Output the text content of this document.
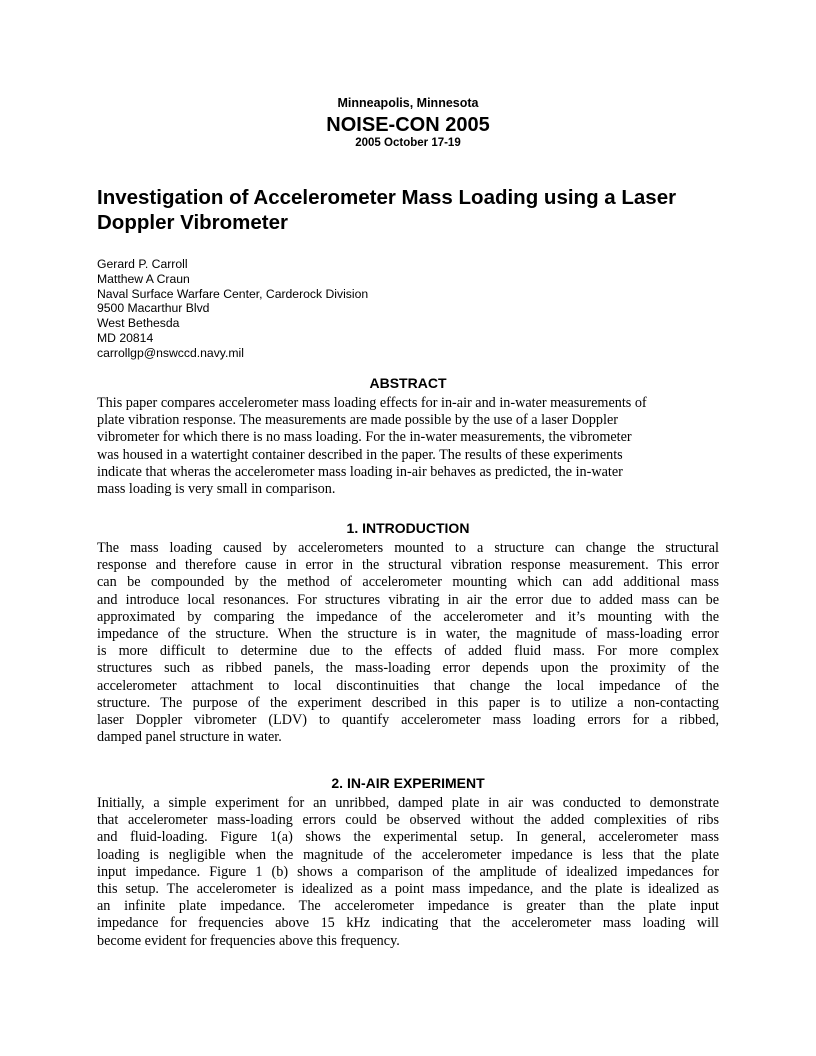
Minneapolis, Minnesota
NOISE-CON 2005
2005 October 17-19
Investigation of Accelerometer Mass Loading using a Laser
Doppler Vibrometer
Gerard P. Carroll
Matthew A Craun
Naval Surface Warfare Center, Carderock Division
9500 Macarthur Blvd
West Bethesda
MD 20814
carrollgp@nswccd.navy.mil
ABSTRACT
This paper compares accelerometer mass loading effects for in-air and in-water measurements of
plate vibration response. The measurements are made possible by the use of a laser Doppler
vibrometer for which there is no mass loading. For the in-water measurements, the vibrometer
was housed in a watertight container described in the paper. The results of these experiments
indicate that wheras the accelerometer mass loading in-air behaves as predicted, the in-water
mass loading is very small in comparison.
1. INTRODUCTION
The mass loading caused by accelerometers mounted to a structure can change the structural
response and therefore cause in error in the structural vibration response measurement. This error
can be compounded by the method of accelerometer mounting which can add additional mass
and introduce local resonances. For structures vibrating in air the error due to added mass can be
approximated by comparing the impedance of the accelerometer and it’s mounting with the
impedance of the structure. When the structure is in water, the magnitude of mass-loading error
is more difficult to determine due to the effects of added fluid mass. For more complex
structures such as ribbed panels, the mass-loading error depends upon the proximity of the
accelerometer attachment to local discontinuities that change the local impedance of the
structure. The purpose of the experiment described in this paper is to utilize a non-contacting
laser Doppler vibrometer (LDV) to quantify accelerometer mass loading errors for a ribbed,
damped panel structure in water.
2. IN-AIR EXPERIMENT
Initially, a simple experiment for an unribbed, damped plate in air was conducted to demonstrate
that accelerometer mass-loading errors could be observed without the added complexities of ribs
and fluid-loading. Figure 1(a) shows the experimental setup. In general, accelerometer mass
loading is negligible when the magnitude of the accelerometer impedance is less that the plate
input impedance. Figure 1 (b) shows a comparison of the amplitude of idealized impedances for
this setup. The accelerometer is idealized as a point mass impedance, and the plate is idealized as
an infinite plate impedance. The accelerometer impedance is greater than the plate input
impedance for frequencies above 15 kHz indicating that the accelerometer mass loading will
become evident for frequencies above this frequency.
